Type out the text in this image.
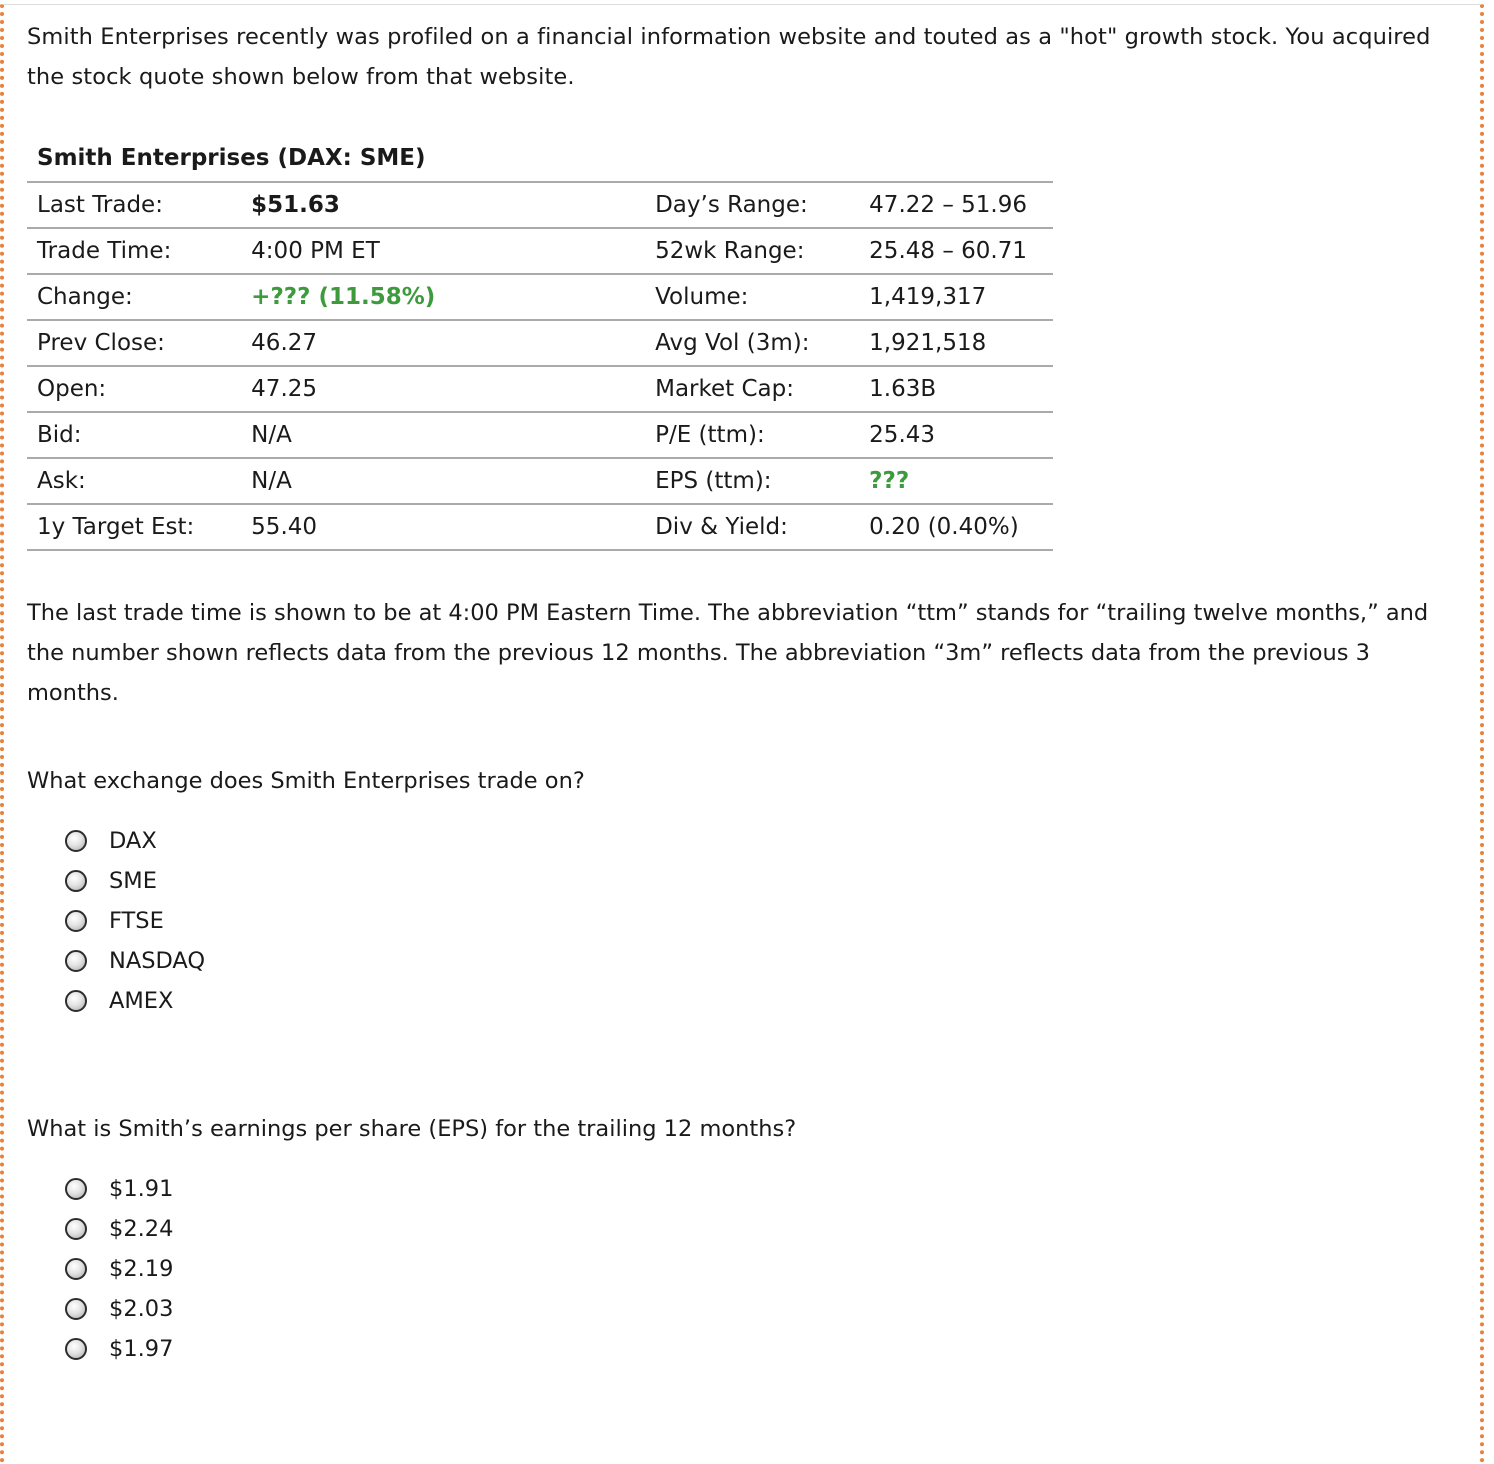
Smith Enterprises recently was profiled on a financial information website and touted as a "hot" growth stock. You acquired the stock quote shown below from that website.

Smith Enterprises (DAX: SME)
Last Trade:	$51.63	Day’s Range:	47.22 – 51.96
Trade Time:	4:00 PM ET	52wk Range:	25.48 – 60.71
Change:	+??? (11.58%)	Volume:	1,419,317
Prev Close:	46.27	Avg Vol (3m):	1,921,518
Open:	47.25	Market Cap:	1.63B
Bid:	N/A	P/E (ttm):	25.43
Ask:	N/A	EPS (ttm):	???
1y Target Est:	55.40	Div & Yield:	0.20 (0.40%)

The last trade time is shown to be at 4:00 PM Eastern Time. The abbreviation “ttm” stands for “trailing twelve months,” and the number shown reflects data from the previous 12 months. The abbreviation “3m” reflects data from the previous 3 months.

What exchange does Smith Enterprises trade on?

DAX
SME
FTSE
NASDAQ
AMEX

What is Smith’s earnings per share (EPS) for the trailing 12 months?

$1.91
$2.24
$2.19
$2.03
$1.97
